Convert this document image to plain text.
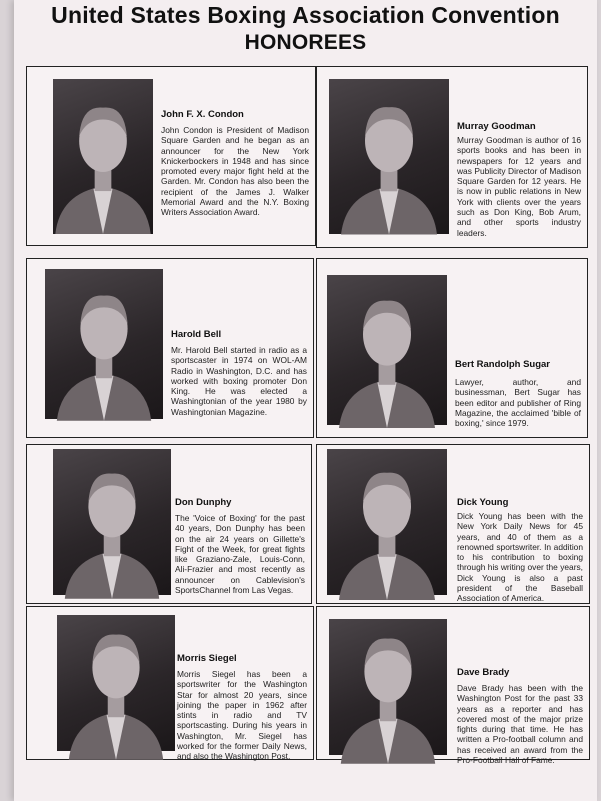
United States Boxing Association Convention
HONOREES
John F. X. Condon
John Condon is President of Madison Square Garden and he began as an announcer for the New York Knickerbockers in 1948 and has since promoted every major fight held at the Garden. Mr. Condon has also been the recipient of the James J. Walker Memorial Award and the N.Y. Boxing Writers Association Award.
Murray Goodman
Murray Goodman is author of 16 sports books and has been in newspapers for 12 years and was Publicity Director of Madison Square Garden for 12 years. He is now in public relations in New York with clients over the years such as Don King, Bob Arum, and other sports industry leaders.
Harold Bell
Mr. Harold Bell started in radio as a sportscaster in 1974 on WOL-AM Radio in Washington, D.C. and has worked with boxing promoter Don King. He was elected a Washingtonian of the year 1980 by Washingtonian Magazine.
Bert Randolph Sugar
Lawyer, author, and businessman, Bert Sugar has been editor and publisher of Ring Magazine, the acclaimed 'bible of boxing,' since 1979.
Don Dunphy
The 'Voice of Boxing' for the past 40 years, Don Dunphy has been on the air 24 years on Gillette's Fight of the Week, for great fights like Graziano-Zale, Louis-Conn, Ali-Frazier and most recently as announcer on Cablevision's SportsChannel from Las Vegas.
Dick Young
Dick Young has been with the New York Daily News for 45 years, and 40 of them as a renowned sportswriter. In addition to his contribution to boxing through his writing over the years, Dick Young is also a past president of the Baseball Association of America.
Morris Siegel
Morris Siegel has been a sportswriter for the Washington Star for almost 20 years, since joining the paper in 1962 after stints in radio and TV sportscasting. During his years in Washington, Mr. Siegel has worked for the former Daily News, and also the Washington Post.
Dave Brady
Dave Brady has been with the Washington Post for the past 33 years as a reporter and has covered most of the major prize fights during that time. He has written a Pro-football column and has received an award from the Pro-Football Hall of Fame.
